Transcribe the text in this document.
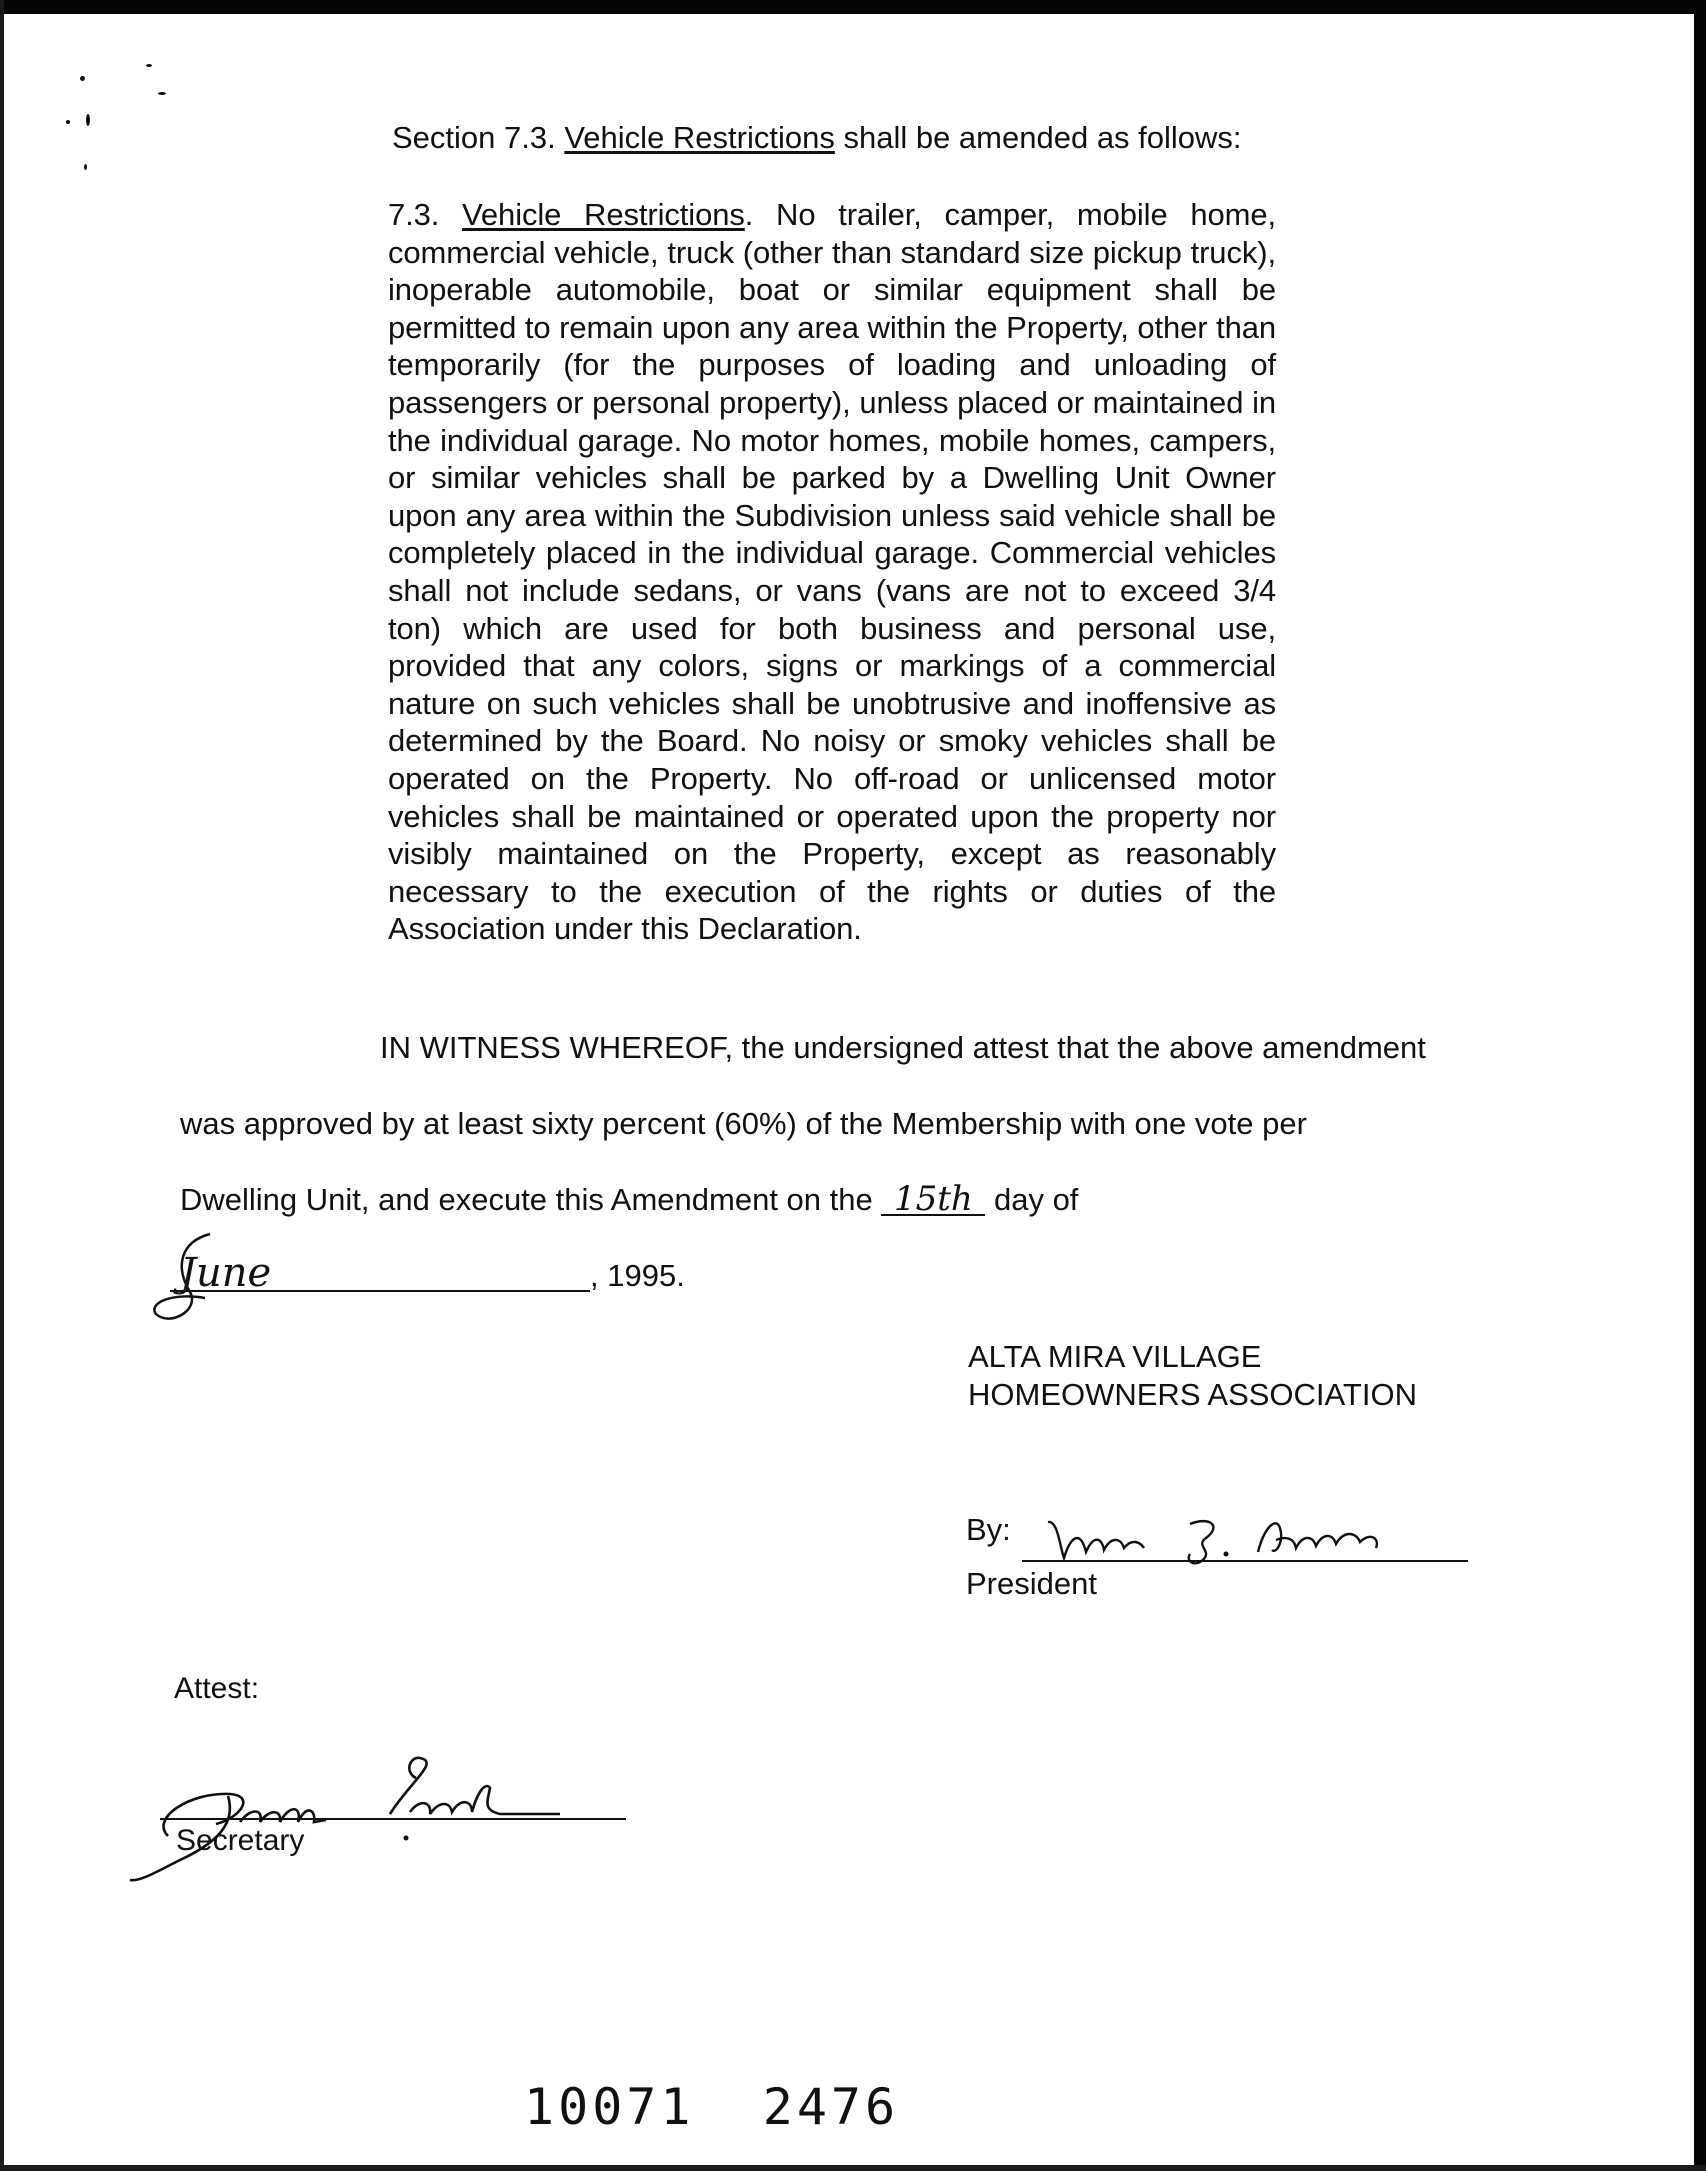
Section 7.3. Vehicle Restrictions shall be amended as follows:
7.3. Vehicle Restrictions. No trailer, camper, mobile home, commercial vehicle, truck (other than standard size pickup truck), inoperable automobile, boat or similar equipment shall be permitted to remain upon any area within the Property, other than temporarily (for the purposes of loading and unloading of passengers or personal property), unless placed or maintained in the individual garage. No motor homes, mobile homes, campers, or similar vehicles shall be parked by a Dwelling Unit Owner upon any area within the Subdivision unless said vehicle shall be completely placed in the individual garage. Commercial vehicles shall not include sedans, or vans (vans are not to exceed 3/4 ton) which are used for both business and personal use, provided that any colors, signs or markings of a commercial nature on such vehicles shall be unobtrusive and inoffensive as determined by the Board. No noisy or smoky vehicles shall be operated on the Property. No off-road or unlicensed motor vehicles shall be maintained or operated upon the property nor visibly maintained on the Property, except as reasonably necessary to the execution of the rights or duties of the Association under this Declaration.
IN WITNESS WHEREOF, the undersigned attest that the above amendment
was approved by at least sixty percent (60%) of the Membership with one vote per
Dwelling Unit, and execute this Amendment on the 15th day of
June	, 1995.
ALTA MIRA VILLAGE
HOMEOWNERS ASSOCIATION
By:
President
Attest:
Secretary
10071  2476
